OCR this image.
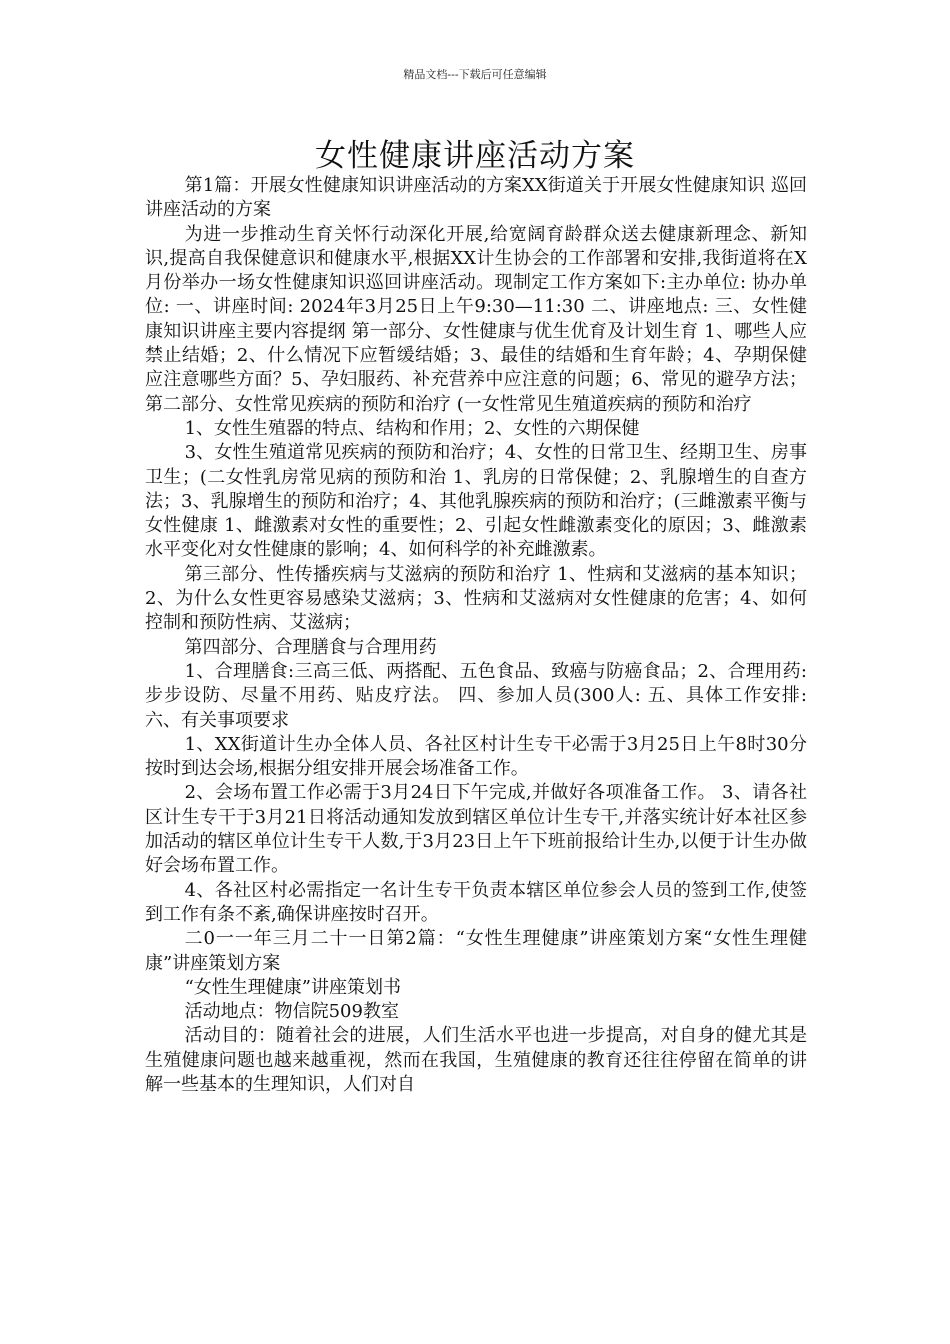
精品文档---下载后可任意编辑
女性健康讲座活动方案

第1篇：开展女性健康知识讲座活动的方案XX街道关于开展女性健康知识 巡回讲座活动的方案

为进一步推动生育关怀行动深化开展,给宽阔育龄群众送去健康新理念、新知识,提高自我保健意识和健康水平,根据XX计生协会的工作部署和安排,我街道将在X月份举办一场女性健康知识巡回讲座活动。现制定工作方案如下:主办单位: 协办单位: 一、讲座时间: 2024年3月25日上午9:30—11:30 二、讲座地点: 三、女性健康知识讲座主要内容提纲 第一部分、女性健康与优生优育及计划生育 1、哪些人应禁止结婚；2、什么情况下应暂缓结婚；3、最佳的结婚和生育年龄；4、孕期保健应注意哪些方面？5、孕妇服药、补充营养中应注意的问题；6、常见的避孕方法；第二部分、女性常见疾病的预防和治疗 (一女性常见生殖道疾病的预防和治疗

1、女性生殖器的特点、结构和作用；2、女性的六期保健

3、女性生殖道常见疾病的预防和治疗；4、女性的日常卫生、经期卫生、房事卫生；(二女性乳房常见病的预防和治 1、乳房的日常保健；2、乳腺增生的自查方法；3、乳腺增生的预防和治疗；4、其他乳腺疾病的预防和治疗；(三雌激素平衡与女性健康 1、雌激素对女性的重要性；2、引起女性雌激素变化的原因；3、雌激素水平变化对女性健康的影响；4、如何科学的补充雌激素。

第三部分、性传播疾病与艾滋病的预防和治疗 1、性病和艾滋病的基本知识；2、为什么女性更容易感染艾滋病；3、性病和艾滋病对女性健康的危害；4、如何控制和预防性病、艾滋病；

第四部分、合理膳食与合理用药

1、合理膳食:三高三低、两搭配、五色食品、致癌与防癌食品；2、合理用药:步步设防、尽量不用药、贴皮疗法。 四、参加人员(300人: 五、具体工作安排: 六、有关事项要求

1、XX街道计生办全体人员、各社区村计生专干必需于3月25日上午8时30分按时到达会场,根据分组安排开展会场准备工作。

2、会场布置工作必需于3月24日下午完成,并做好各项准备工作。 3、请各社区计生专干于3月21日将活动通知发放到辖区单位计生专干,并落实统计好本社区参加活动的辖区单位计生专干人数,于3月23日上午下班前报给计生办,以便于计生办做好会场布置工作。

4、各社区村必需指定一名计生专干负责本辖区单位参会人员的签到工作,使签到工作有条不紊,确保讲座按时召开。

二0一一年三月二十一日第2篇：“女性生理健康”讲座策划方案“女性生理健康”讲座策划方案

“女性生理健康”讲座策划书

活动地点：物信院509教室

活动目的：随着社会的进展，人们生活水平也进一步提高，对自身的健尤其是生殖健康问题也越来越重视，然而在我国，生殖健康的教育还往往停留在简单的讲解一些基本的生理知识，人们对自
